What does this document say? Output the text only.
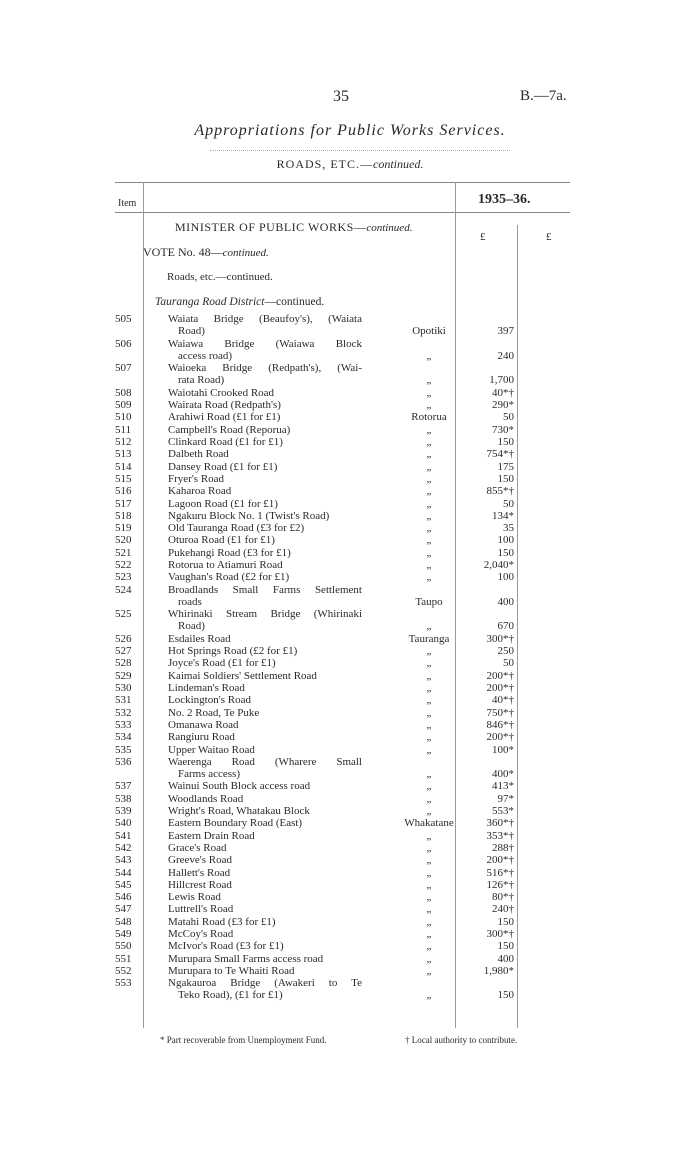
35	B.—7a.
Appropriations for Public Works Services.
ROADS, ETC.—continued.
Item	1935–36.
£	£
MINISTER OF PUBLIC WORKS—continued.
VOTE No. 48—continued.
Roads, etc.—continued.
Tauranga Road District—continued.
505	Waiata Bridge (Beaufoy's), (Waiata
Road)	Opotiki	397
506	Waiawa Bridge (Waiawa Block
access road)	„	240
507	Waioeka Bridge (Redpath's), (Wai-
rata Road)	„	1,700
508	Waiotahi Crooked Road	„	40*†
509	Wairata Road (Redpath's)	„	290*
510	Arahiwi Road (£1 for £1)	Rotorua	50
511	Campbell's Road (Reporua)	„	730*
512	Clinkard Road (£1 for £1)	„	150
513	Dalbeth Road	„	754*†
514	Dansey Road (£1 for £1)	„	175
515	Fryer's Road	„	150
516	Kaharoa Road	„	855*†
517	Lagoon Road (£1 for £1)	„	50
518	Ngakuru Block No. 1 (Twist's Road)	„	134*
519	Old Tauranga Road (£3 for £2)	„	35
520	Oturoa Road (£1 for £1)	„	100
521	Pukehangi Road (£3 for £1)	„	150
522	Rotorua to Atiamuri Road	„	2,040*
523	Vaughan's Road (£2 for £1)	„	100
524	Broadlands Small Farms Settlement
roads	Taupo	400
525	Whirinaki Stream Bridge (Whirinaki
Road)	„	670
526	Esdailes Road	Tauranga	300*†
527	Hot Springs Road (£2 for £1)	„	250
528	Joyce's Road (£1 for £1)	„	50
529	Kaimai Soldiers' Settlement Road	„	200*†
530	Lindeman's Road	„	200*†
531	Lockington's Road	„	40*†
532	No. 2 Road, Te Puke	„	750*†
533	Omanawa Road	„	846*†
534	Rangiuru Road	„	200*†
535	Upper Waitao Road	„	100*
536	Waerenga Road (Wharere Small
Farms access)	„	400*
537	Wainui South Block access road	„	413*
538	Woodlands Road	„	97*
539	Wright's Road, Whatakau Block	„	553*
540	Eastern Boundary Road (East)	Whakatane	360*†
541	Eastern Drain Road	„	353*†
542	Grace's Road	„	288†
543	Greeve's Road	„	200*†
544	Hallett's Road	„	516*†
545	Hillcrest Road	„	126*†
546	Lewis Road	„	80*†
547	Luttrell's Road	„	240†
548	Matahi Road (£3 for £1)	„	150
549	McCoy's Road	„	300*†
550	McIvor's Road (£3 for £1)	„	150
551	Murupara Small Farms access road	„	400
552	Murupara to Te Whaiti Road	„	1,980*
553	Ngakauroa Bridge (Awakeri to Te
Teko Road), (£1 for £1)	„	150
* Part recoverable from Unemployment Fund.	† Local authority to contribute.
